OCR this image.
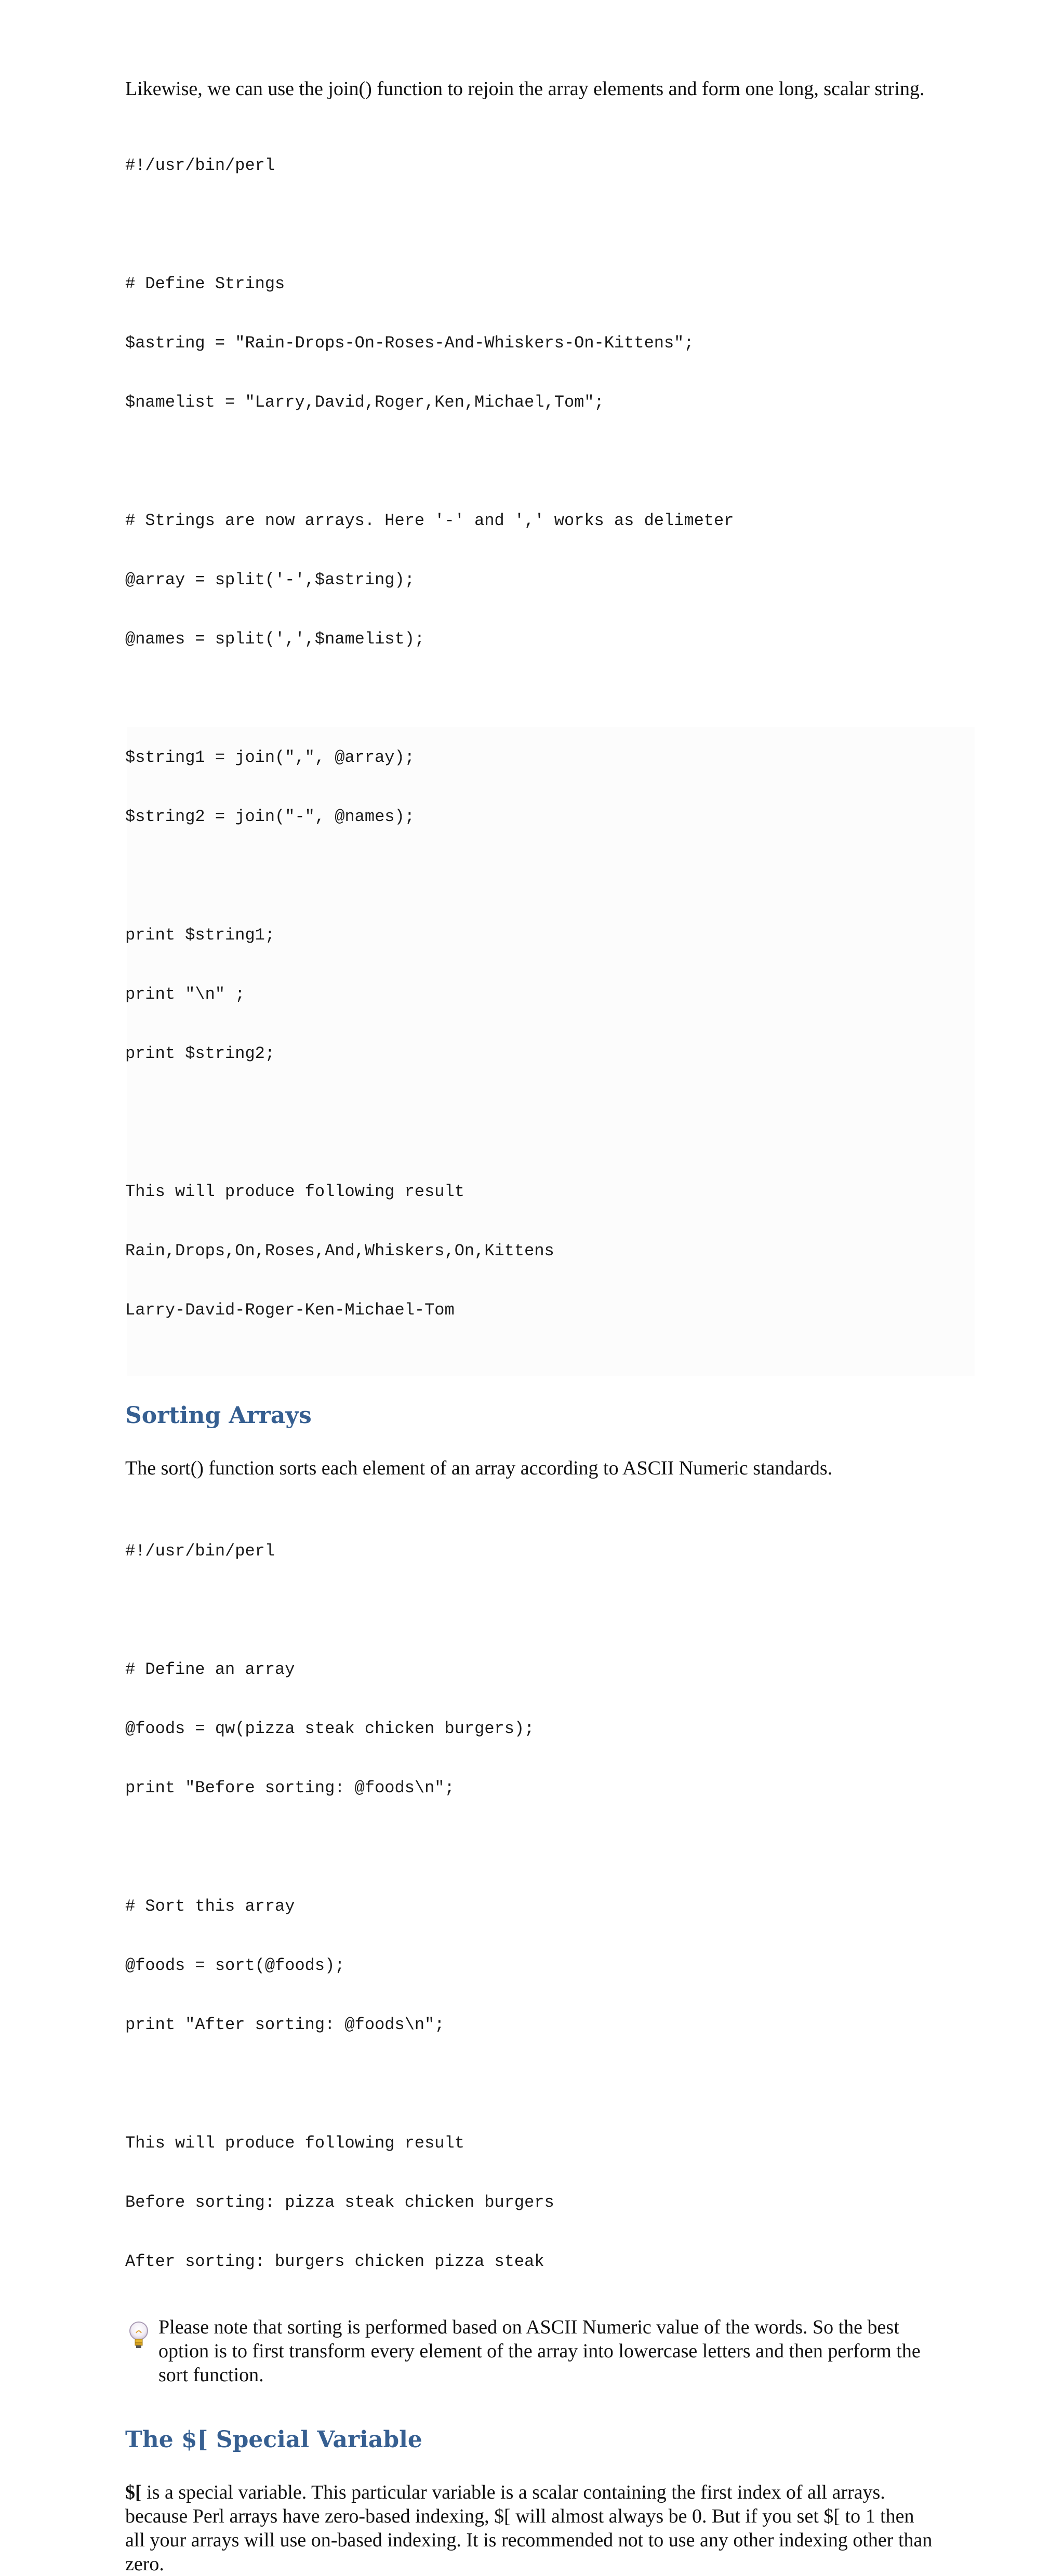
Likewise, we can use the join() function to rejoin the array elements and form one long, scalar string.

#!/usr/bin/perl

# Define Strings

$astring = "Rain-Drops-On-Roses-And-Whiskers-On-Kittens";

$namelist = "Larry,David,Roger,Ken,Michael,Tom";

# Strings are now arrays. Here '-' and ',' works as delimeter

@array = split('-',$astring);

@names = split(',',$namelist);

$string1 = join(",", @array);

$string2 = join("-", @names);

print $string1;

print "\n" ;

print $string2;

This will produce following result

Rain,Drops,On,Roses,And,Whiskers,On,Kittens

Larry-David-Roger-Ken-Michael-Tom

Sorting Arrays

The sort() function sorts each element of an array according to ASCII Numeric standards.

#!/usr/bin/perl

# Define an array

@foods = qw(pizza steak chicken burgers);

print "Before sorting: @foods\n";

# Sort this array

@foods = sort(@foods);

print "After sorting: @foods\n";

This will produce following result

Before sorting: pizza steak chicken burgers

After sorting: burgers chicken pizza steak

Please note that sorting is performed based on ASCII Numeric value of the words. So the best option is to first transform every element of the array into lowercase letters and then perform the sort function.

The $[ Special Variable

$[ is a special variable. This particular variable is a scalar containing the first index of all arrays. because Perl arrays have zero-based indexing, $[ will almost always be 0. But if you set $[ to 1 then all your arrays will use on-based indexing. It is recommended not to use any other indexing other than zero.
